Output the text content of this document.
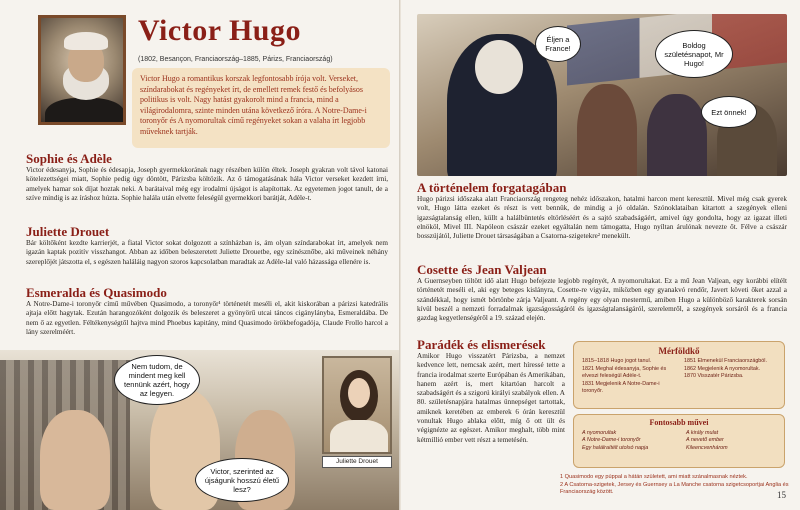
Victor Hugo
(1802, Besançon, Franciaország–1885, Párizs, Franciaország)
Victor Hugo a romantikus korszak legfontosabb írója volt. Verseket, színdarabokat és regényeket írt, de emellett remek festő és befolyásos politikus is volt. Nagy hatást gyakorolt mind a francia, mind a világirodalomra, szinte minden utána következő íróra. A Notre-Dame-i toronyőr és A nyomorultak című regényeket sokan a valaha írt legjobb műveknek tartják.
Sophie és Adèle
Victor édesanyja, Sophie és édesapja, Joseph gyermekkorának nagy részében külön éltek. Joseph gyakran volt távol katonai kötelezettségei miatt, Sophie pedig úgy döntött, Párizsba költözik. Az ő támogatásának hála Victor verseket kezdett írni, amelyek hamar sok díjat hoztak neki. A barátaival még egy irodalmi újságot is alapítottak. Az egyetemen jogot tanult, de a szíve mindig is az íráshoz húzta. Sophie halála után elvette feleségül gyermekkori barátját, Adèle-t.
Juliette Drouet
Bár költőként kezdte karrierjét, a fiatal Victor sokat dolgozott a színházban is, ám olyan színdarabokat írt, amelyek nem igazán kaptak pozitív visszhangot. Abban az időben beleszeretett Juliette Drouetbe, egy színésznőbe, aki műveinek néhány szereplőjét játszotta el, s egészen haláláig nagyon szoros kapcsolatban maradtak az Adèle-lal való házassága ellenére is.
Esmeralda és Quasimodo
A Notre-Dame-i toronyőr című művében Quasimodo, a toronyőr¹ történetét meséli el, akit kiskorában a párizsi katedrális ajtaja előtt hagytak. Ezután harangozóként dolgozik és beleszeret a gyönyörű utcai táncos cigánylányba, Esmeraldába. De nem ő az egyetlen. Féltékenységtől hajtva mind Phoebus kapitány, mind Quasimodo örökbefogadója, Claude Frollo harcol a lány szerelméért.
Nem tudom, de mindent meg kell tennünk azért, hogy az legyen.
Victor, szerinted az újságunk hosszú életű lesz?
Juliette Drouet
Éljen a France!	Boldog születésnapot, Mr Hugo!
Ezt önnek!
A történelem forgatagában
Hugo párizsi időszaka alatt Franciaország rengeteg nehéz időszakon, hatalmi harcon ment keresztül. Mivel még csak gyerek volt, Hugo látta ezeket és részt is vett bennük, de mindig a jó oldalán. Szónoklataiban kitartott a szegények elleni igazságtalanság ellen, küllt a halálbüntetés eltörléséért és a sajtó szabadságáért, amivel úgy gondolta, hogy az igazat illeti elnököl, Mivel III. Napóleon császár ezeket egyáltalán nem támogatta, Hugo nyíltan árulónak nevezte őt. Félve a császár bosszújától, Juliette Drouet társaságában a Csatorna-szigetekre² menekült.
Cosette és Jean Valjean
A Guernseyben töltött idő alatt Hugo befejezte legjobb regényét, A nyomorultakat. Ez a mű Jean Valjean, egy korábbi elítélt történetét meséli el, aki egy beteges kislányra, Cosette-re vigyáz, miközben egy gyanakvó rendőr, Javert követi őket azzal a szándékkal, hogy ismét börtönbe zárja Valjeant. A regény egy olyan mestermű, amiben Hugo a különböző karakterek sorsán kívül beszél a nemzeti forradalmak igazságosságáról és igazságtalanságáról, szerelemről, a szegények sorsáról és a francia gazdag kegyetlenségéről a 19. század elején.
Parádék és elismerések
Amikor Hugo visszatért Párizsba, a nemzet kedvence lett, nemcsak azért, mert híressé tette a francia irodalmat szerte Európában és Amerikában, hanem azért is, mert kitartóan harcolt a szabadságért és a szigorú királyi szabályok ellen. A 80. születésnapjára hatalmas ünnepséget tartottak, amiknek keretében az emberek 6 órán keresztül vonultak Hugo ablaka előtt, míg ő ott ült és végignézte az egészet. Amikor meghalt, több mint kétmillió ember vett részt a temetésén.
15
Mérföldkő
1815–1818 Hugo jogot tanul.
1821 Meghal édesanyja, Sophie és elveszi feleségül Adèle-t.
1831 Megjelenik A Notre-Dame-i toronyőr.
1851 Elmenekül Franciaországból.
1862 Megjelenik A nyomorultak.
1870 Visszatér Párizsba.
Fontosabb művei
A nyomorultak
A Notre-Dame-i toronyőr
Egy halálraítélt utolsó napja
A király mulat
A nevető ember
Kileencvenhárom
1 Quasimodo egy púppal a hátán született, ami miatt szánalmasnak néztek.
2 A Csatorna-szigetek, Jersey és Guernsey a La Manche csatorna szigetcsoportjai Anglia és Franciaország között.
